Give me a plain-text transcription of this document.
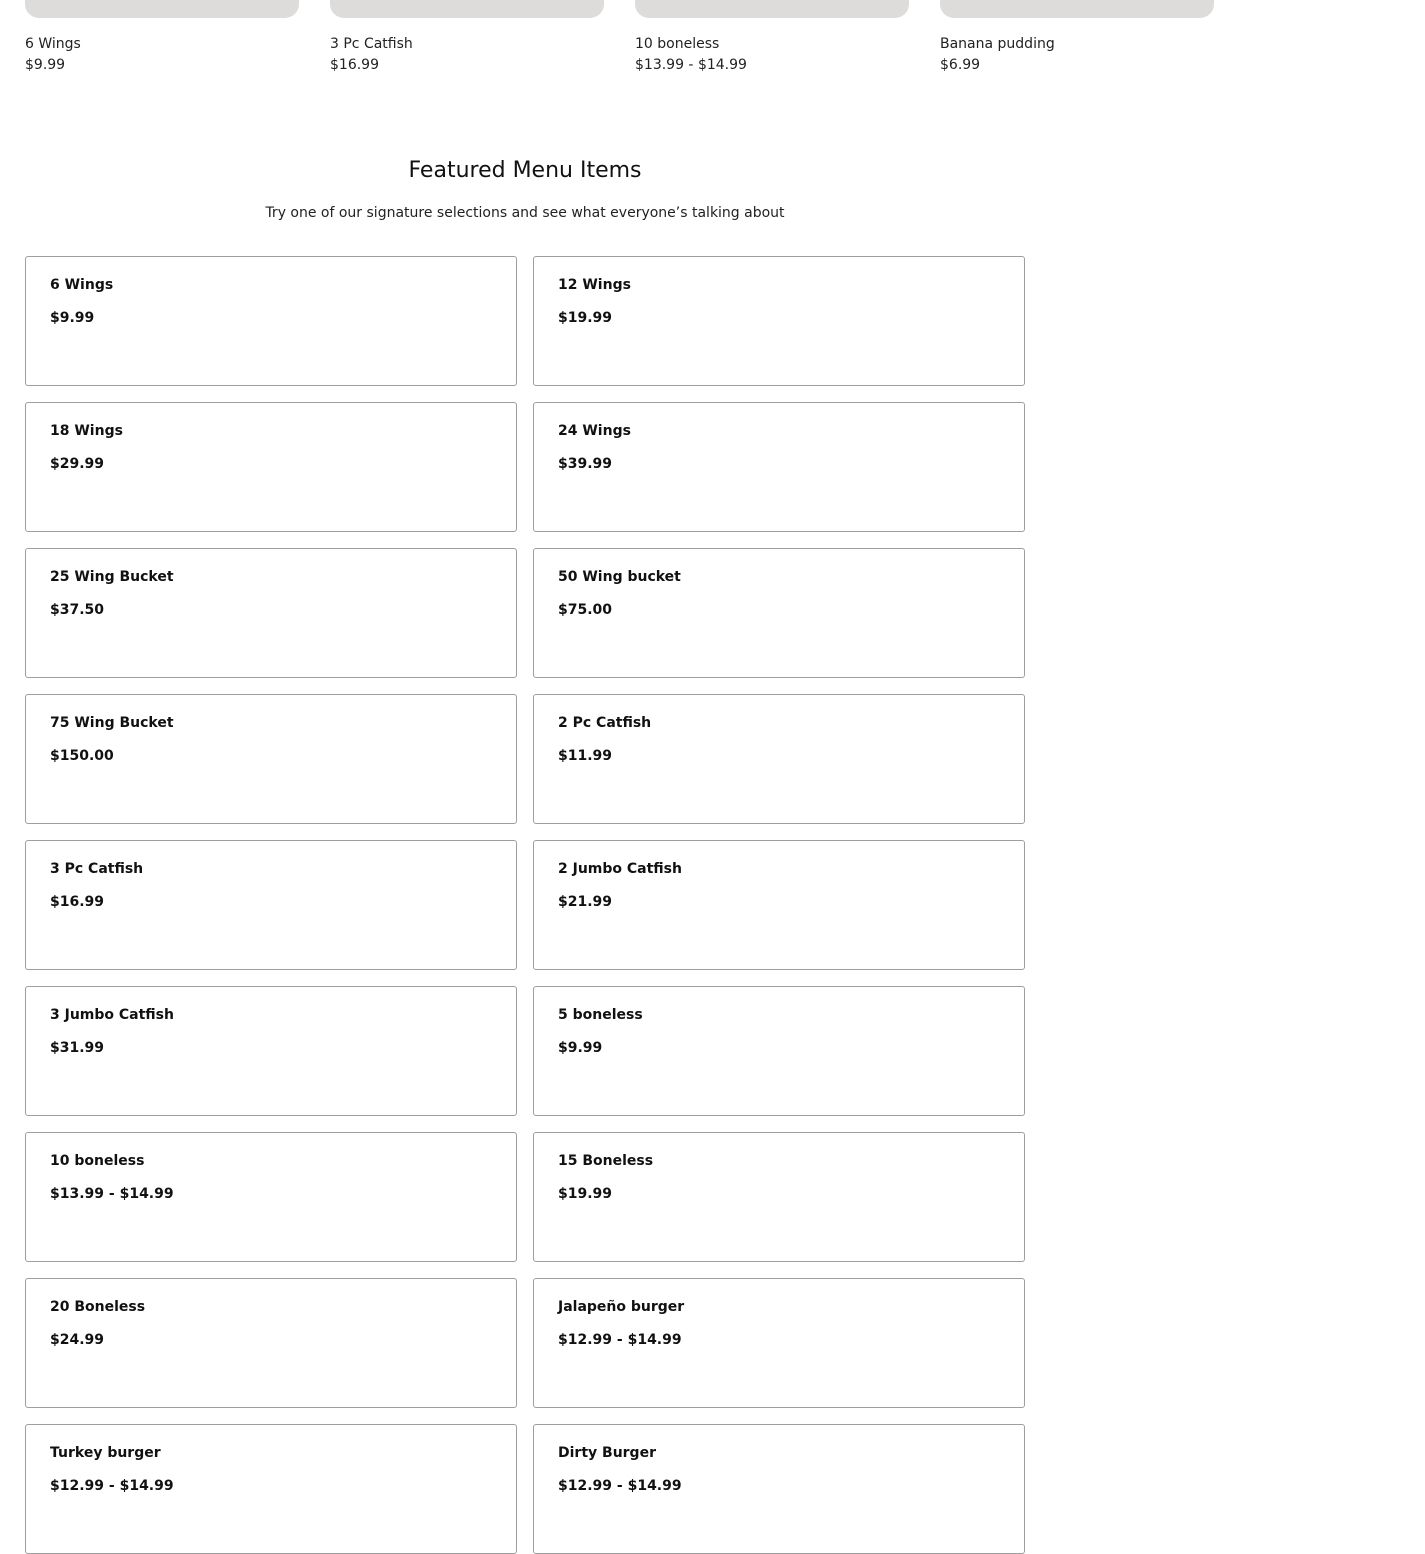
6 Wings
$9.99
3 Pc Catfish
$16.99
10 boneless
$13.99 - $14.99
Banana pudding
$6.99
Featured Menu Items

Try one of our signature selections and see what everyone’s talking about

6 Wings
$9.99
12 Wings
$19.99
18 Wings
$29.99
24 Wings
$39.99
25 Wing Bucket
$37.50
50 Wing bucket
$75.00
75 Wing Bucket
$150.00
2 Pc Catfish
$11.99
3 Pc Catfish
$16.99
2 Jumbo Catfish
$21.99
3 Jumbo Catfish
$31.99
5 boneless
$9.99
10 boneless
$13.99 - $14.99
15 Boneless
$19.99
20 Boneless
$24.99
Jalapeño burger
$12.99 - $14.99
Turkey burger
$12.99 - $14.99
Dirty Burger
$12.99 - $14.99
